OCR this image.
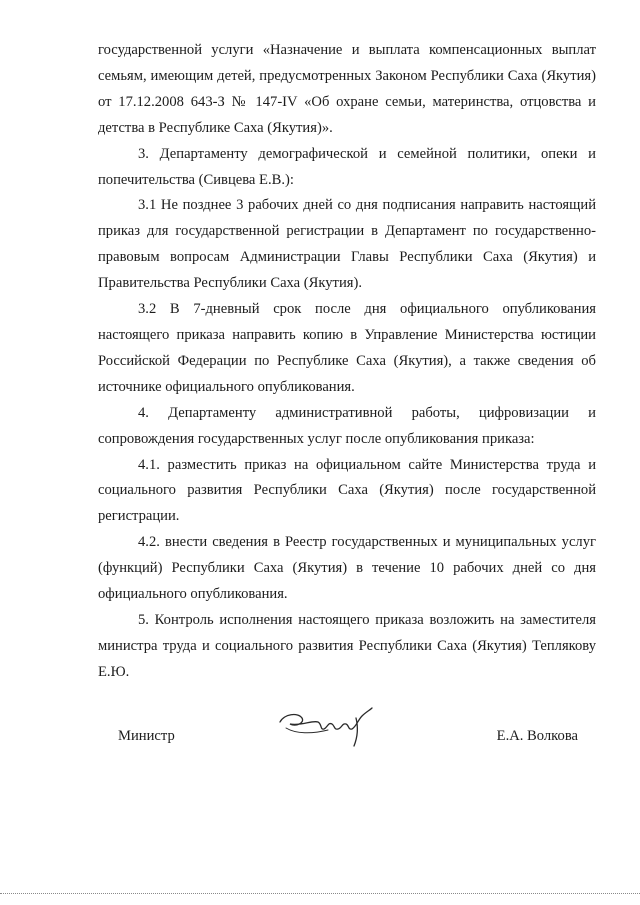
государственной услуги «Назначение и выплата компенсационных выплат семьям, имеющим детей, предусмотренных Законом Республики Саха (Якутия) от 17.12.2008 643-З № 147-IV «Об охране семьи, материнства, отцовства и детства в Республике Саха (Якутия)».

3. Департаменту демографической и семейной политики, опеки и попечительства (Сивцева Е.В.):

3.1 Не позднее 3 рабочих дней со дня подписания направить настоящий приказ для государственной регистрации в Департамент по государственно-правовым вопросам Администрации Главы Республики Саха (Якутия) и Правительства Республики Саха (Якутия).

3.2 В 7-дневный срок после дня официального опубликования настоящего приказа направить копию в Управление Министерства юстиции Российской Федерации по Республике Саха (Якутия), а также сведения об источнике официального опубликования.

4. Департаменту административной работы, цифровизации и сопровождения государственных услуг после опубликования приказа:

4.1. разместить приказ на официальном сайте Министерства труда и социального развития Республики Саха (Якутия) после государственной регистрации.

4.2. внести сведения в Реестр государственных и муниципальных услуг (функций) Республики Саха (Якутия) в течение 10 рабочих дней со дня официального опубликования.

5. Контроль исполнения настоящего приказа возложить на заместителя министра труда и социального развития Республики Саха (Якутия) Теплякову Е.Ю.

Министр	Е.А. Волкова
